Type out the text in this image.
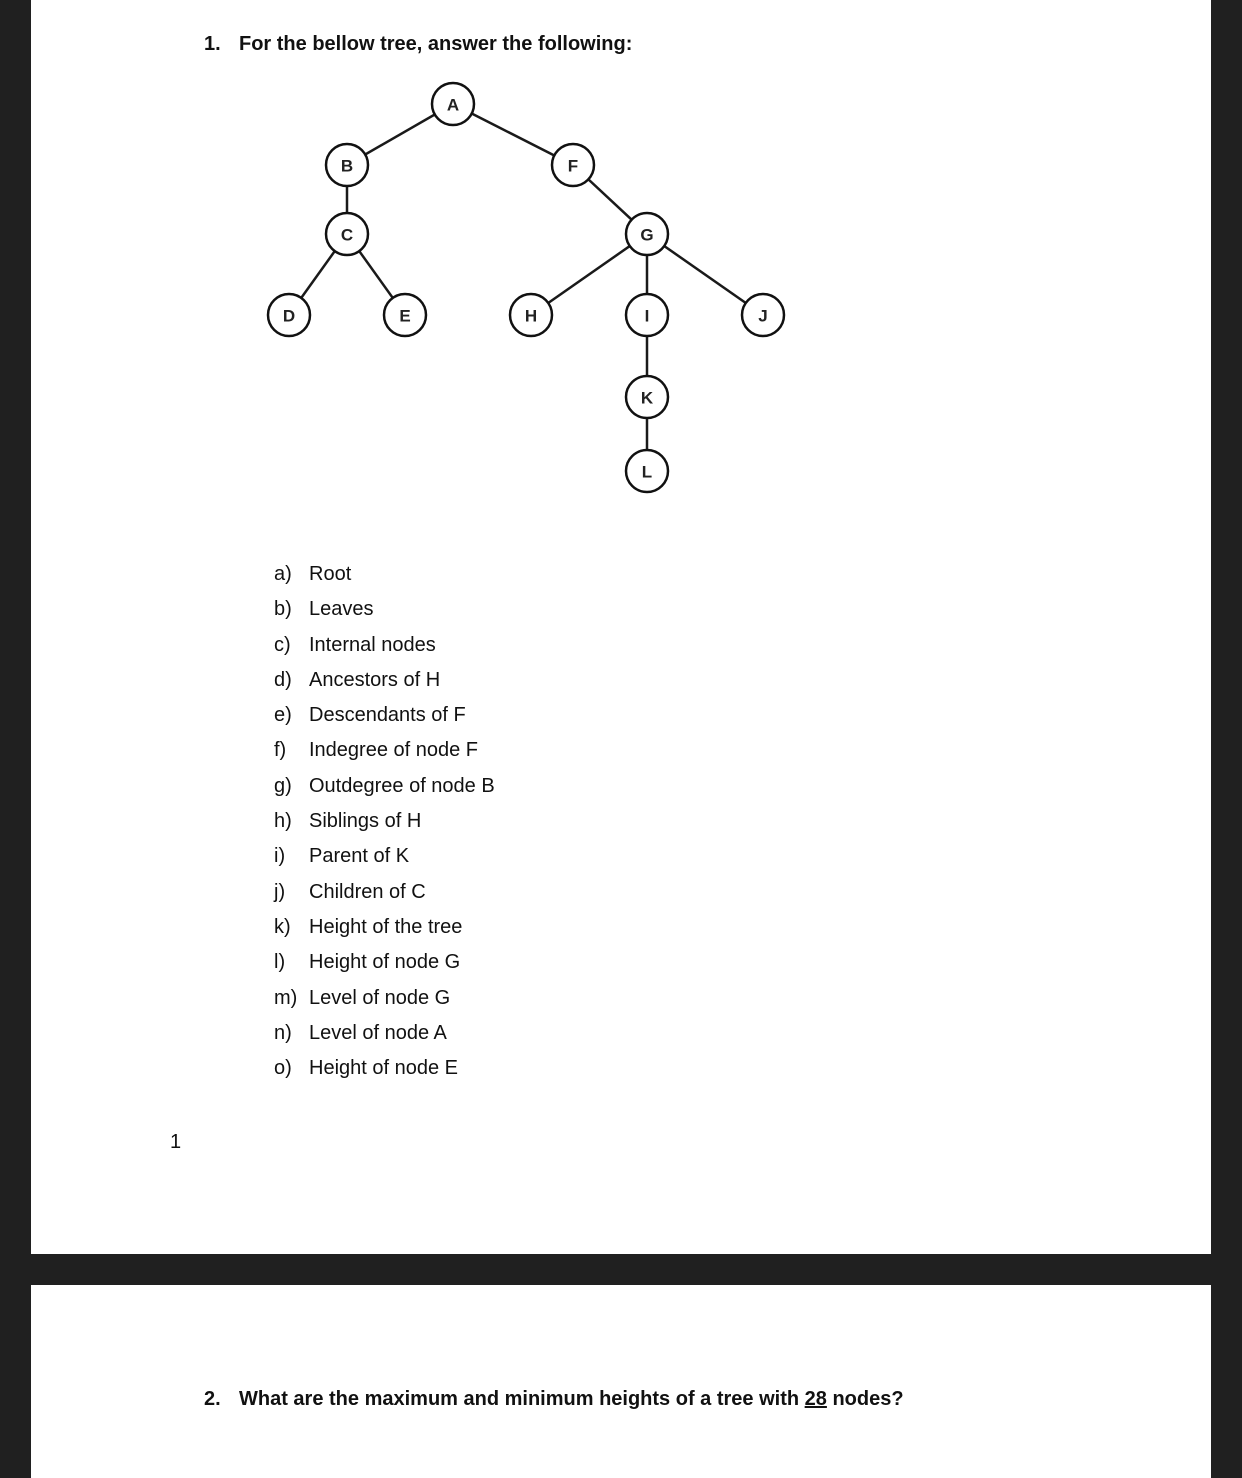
1. For the bellow tree, answer the following:
A
B	F
C	G
D	E	H	I	J
K
L
a) Root
b) Leaves
c) Internal nodes
d) Ancestors of H
e) Descendants of F
f) Indegree of node F
g) Outdegree of node B
h) Siblings of H
i) Parent of K
j) Children of C
k) Height of the tree
l) Height of node G
m) Level of node G
n) Level of node A
o) Height of node E
1
2. What are the maximum and minimum heights of a tree with 28 nodes?
